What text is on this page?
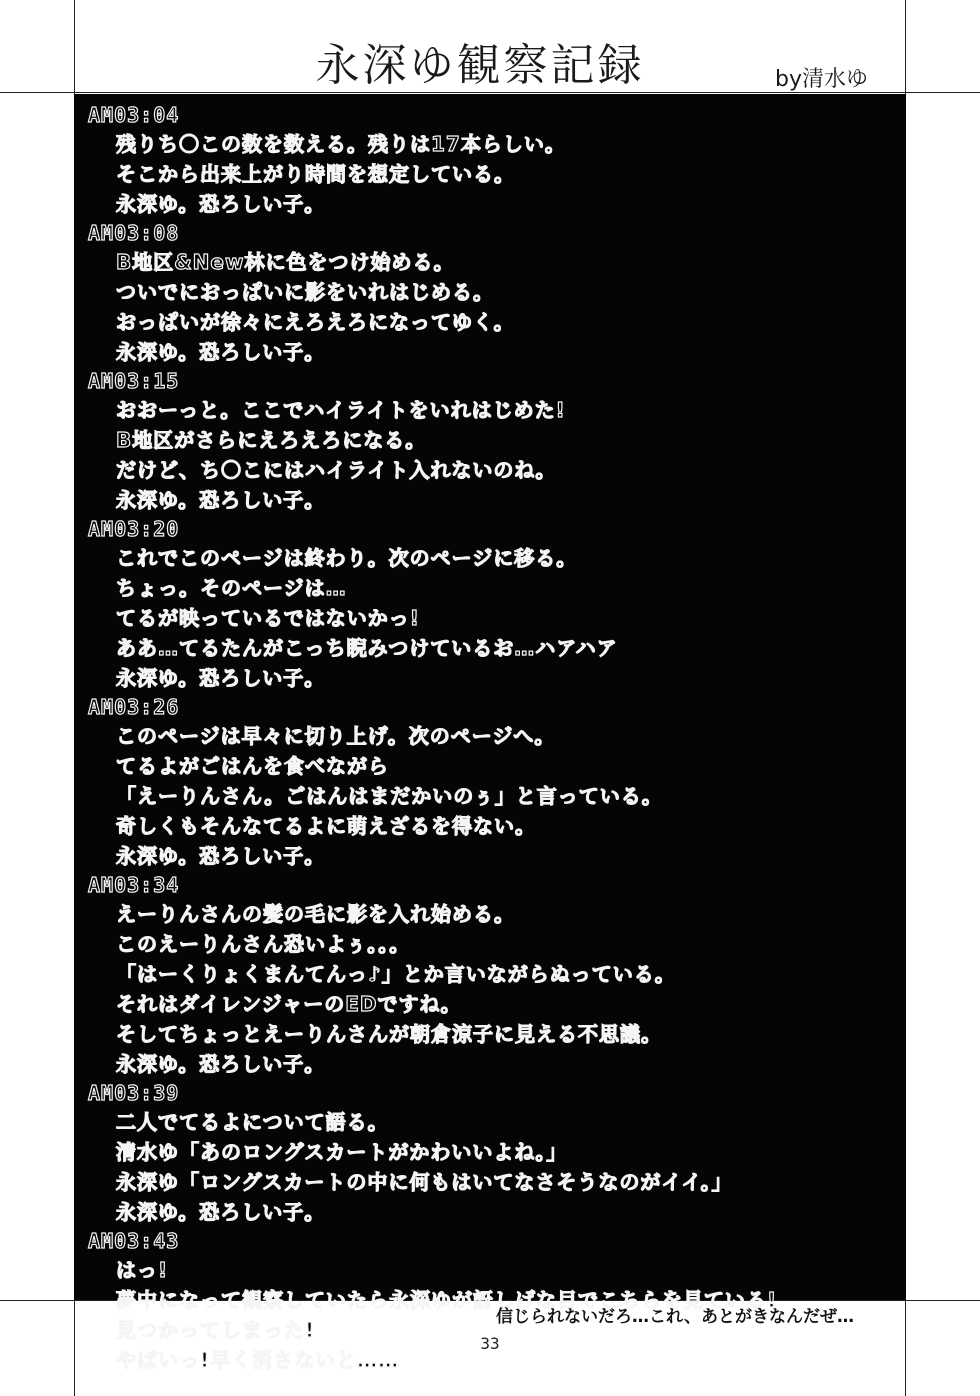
永深ゆ観察記録	by清水ゆ
AM03:04
残りち〇この数を数える。残りは17本らしい。
そこから出来上がり時間を想定している。
永深ゆ。恐ろしい子。
AM03:08
B地区&New林に色をつけ始める。
ついでにおっぱいに影をいれはじめる。
おっぱいが徐々にえろえろになってゆく。
永深ゆ。恐ろしい子。
AM03:15
おおーっと。ここでハイライトをいれはじめた!
B地区がさらにえろえろになる。
だけど、ち〇こにはハイライト入れないのね。
永深ゆ。恐ろしい子。
AM03:20
これでこのページは終わり。次のページに移る。
ちょっ。そのページは…
てるが映っているではないかっ!
ああ…てるたんがこっち睨みつけているお…ハアハア
永深ゆ。恐ろしい子。
AM03:26
このページは早々に切り上げ。次のページへ。
てるよがごはんを食べながら
「えーりんさん。ごはんはまだかいのぅ」と言っている。
奇しくもそんなてるよに萌えざるを得ない。
永深ゆ。恐ろしい子。
AM03:34
えーりんさんの髪の毛に影を入れ始める。
このえーりんさん恐いよぅ。。。
「はーくりょくまんてんっ♪」とか言いながらぬっている。
それはダイレンジャーのEDですね。
そしてちょっとえーりんさんが朝倉涼子に見える不思議。
永深ゆ。恐ろしい子。
AM03:39
二人でてるよについて語る。
清水ゆ「あのロングスカートがかわいいよね。」
永深ゆ「ロングスカートの中に何もはいてなさそうなのがイイ。」
永深ゆ。恐ろしい子。
AM03:43
はっ!
夢中になって観察していたら永深ゆが訝しげな目でこちらを見ている!
見つかってしまった!
やばいっ!早く消さないと……
信じられないだろ…これ、あとがきなんだぜ…
33
